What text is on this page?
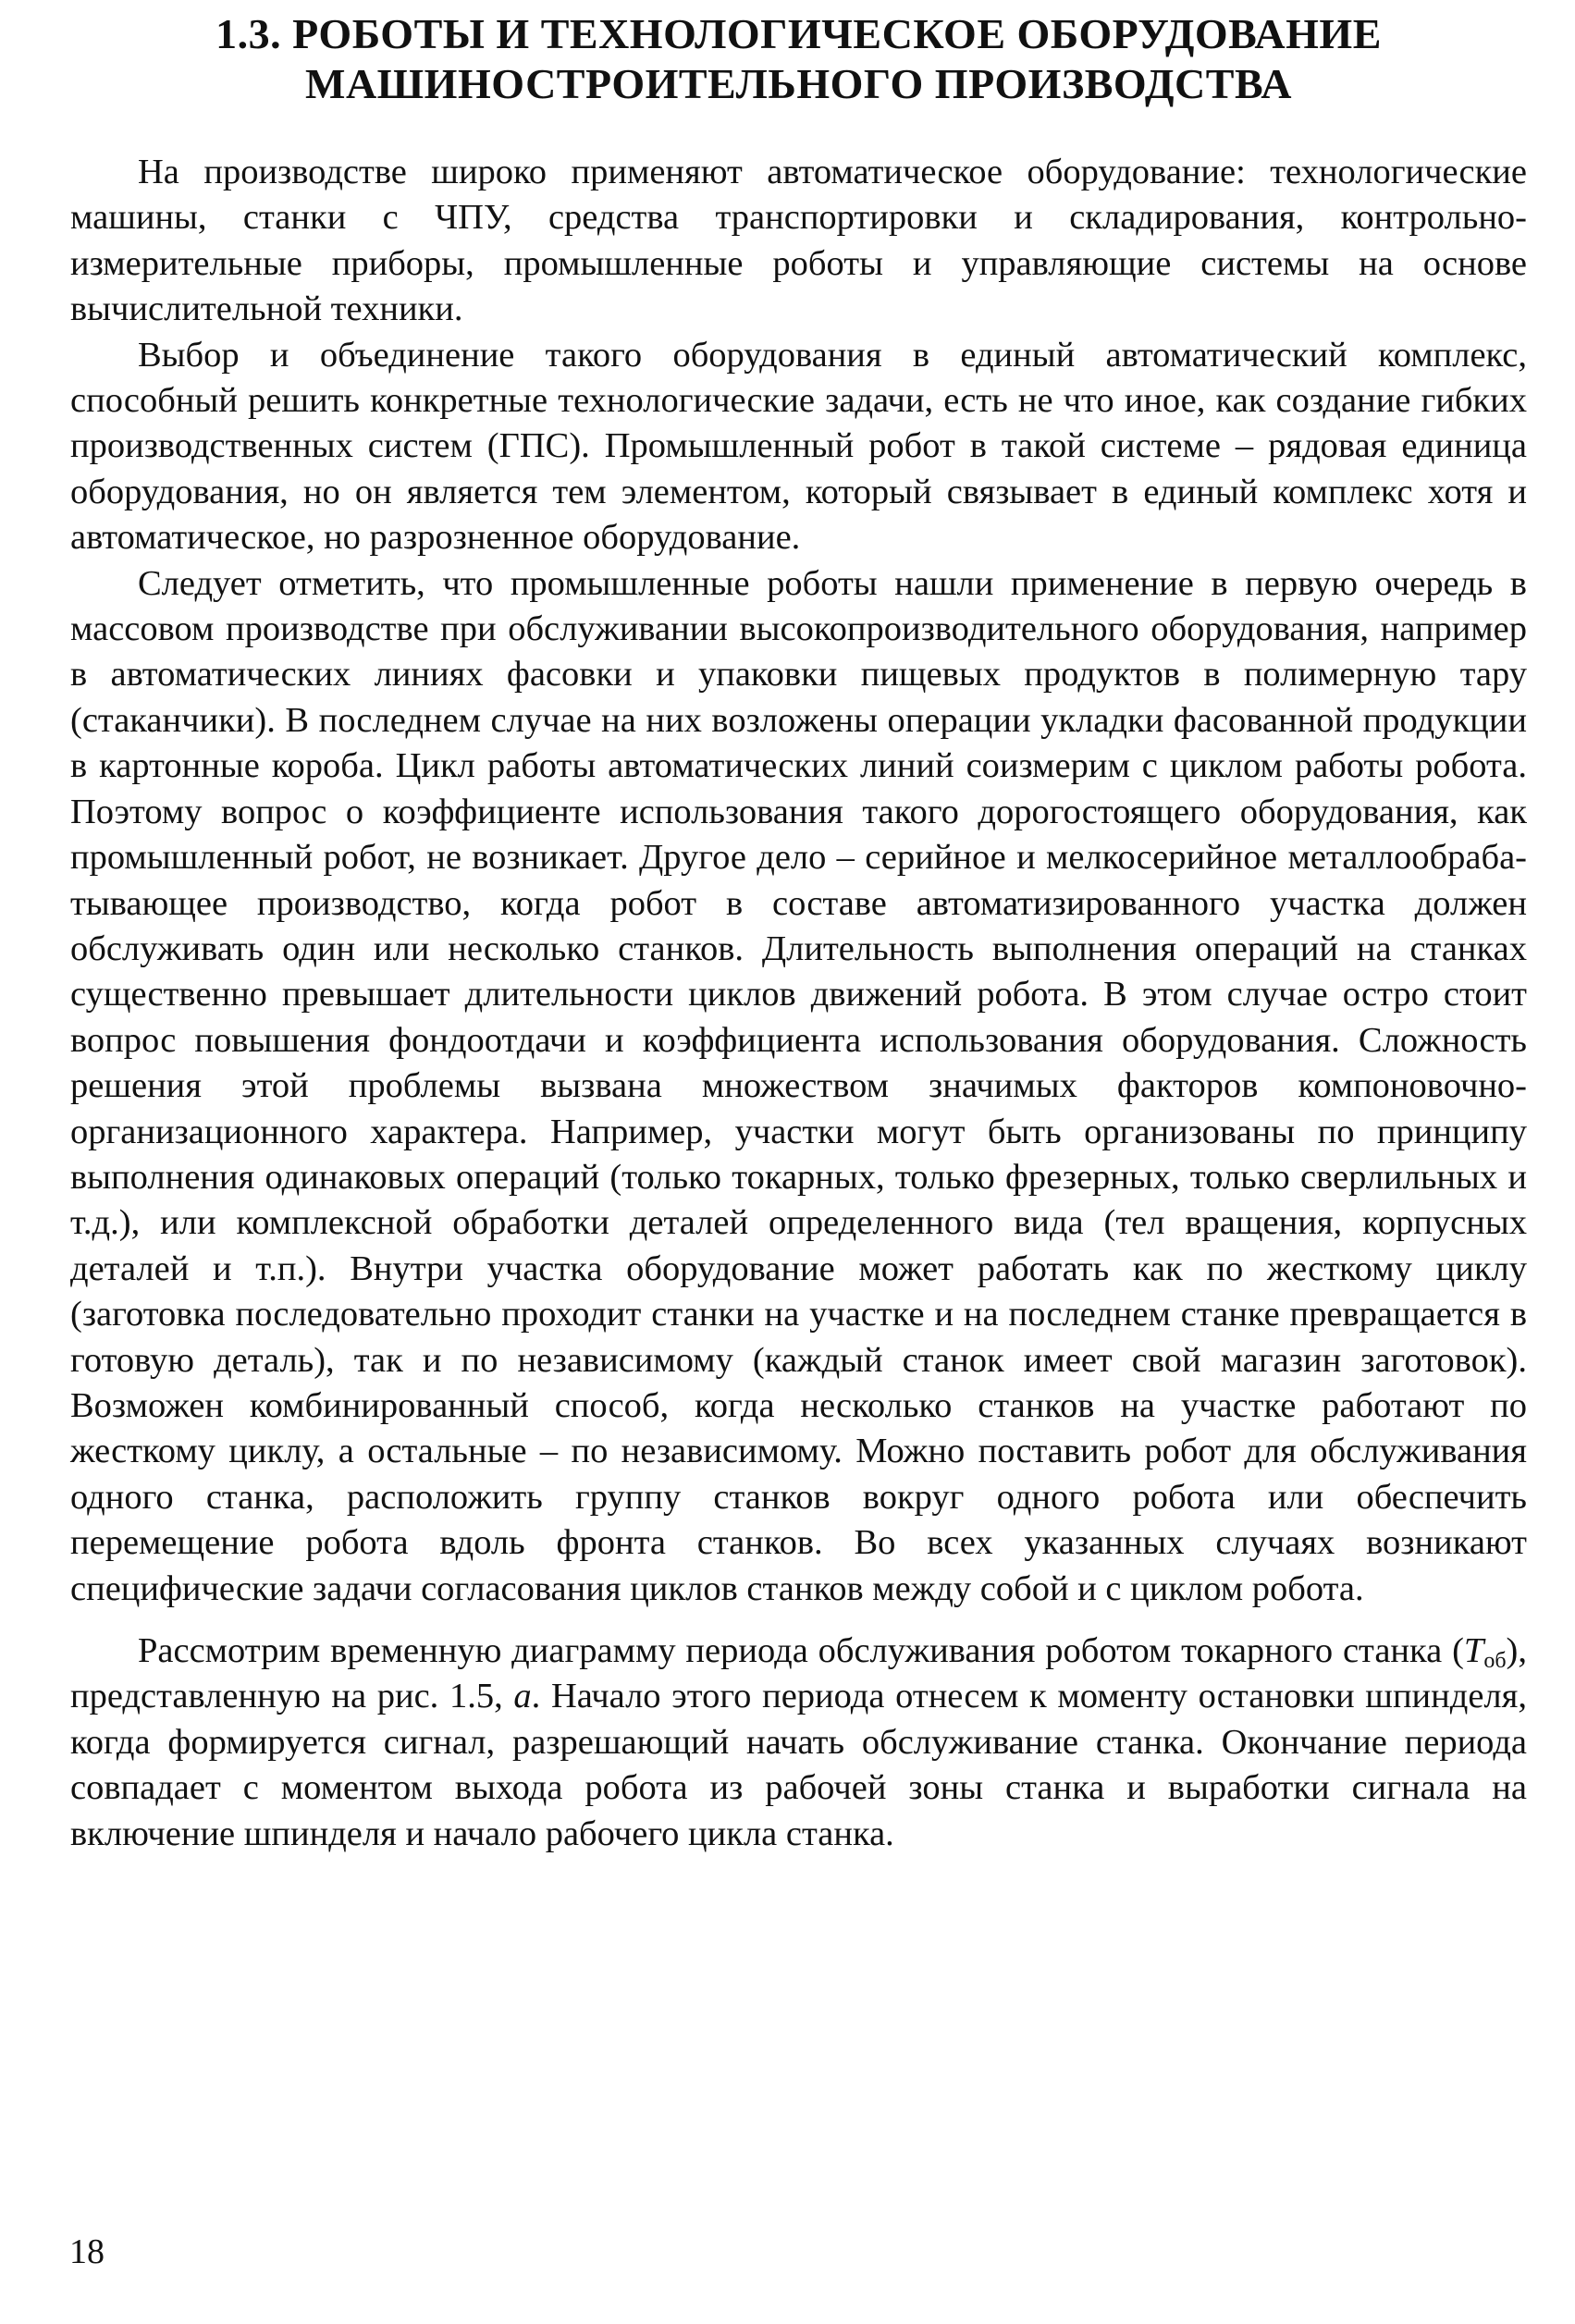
1.3. РОБОТЫ И ТЕХНОЛОГИЧЕСКОЕ ОБОРУДОВАНИЕ
МАШИНОСТРОИТЕЛЬНОГО ПРОИЗВОДСТВА

На производстве широко применяют автоматическое оборудование: технологические машины, станки с ЧПУ, средства транспортировки и складирования, контрольно-измерительные приборы, промышленные роботы и управляющие системы на основе вычислительной техники.

Выбор и объединение такого оборудования в единый автоматический комплекс, способный решить конкретные технологические задачи, есть не что иное, как создание гибких производственных систем (ГПС). Промышленный робот в такой системе – рядовая единица оборудования, но он является тем элементом, который связывает в единый комплекс хотя и автоматическое, но разрозненное оборудование.

Следует отметить, что промышленные роботы нашли применение в первую очередь в массовом производстве при обслуживании высокопроизводительного оборудования, например в автоматических линиях фасовки и упаковки пищевых продуктов в полимерную тару (стаканчики). В последнем случае на них возложены операции укладки фасованной продукции в картонные короба. Цикл работы автоматических линий соизмерим с циклом работы робота. Поэтому вопрос о коэффициенте использования такого дорогостоящего оборудования, как промышленный робот, не возникает. Другое дело – серийное и мелкосерийное металлообрабатывающее производство, когда робот в составе автоматизированного участка должен обслуживать один или несколько станков. Длительность выполнения операций на станках существенно превышает длительности циклов движений робота. В этом случае остро стоит вопрос повышения фондоотдачи и коэффициента использования оборудования. Сложность решения этой проблемы вызвана множеством значимых факторов компоновочно-организационного характера. Например, участки могут быть организованы по принципу выполнения одинаковых операций (только токарных, только фрезерных, только сверлильных и т.д.), или комплексной обработки деталей определенного вида (тел вращения, корпусных деталей и т.п.). Внутри участка оборудование может работать как по жесткому циклу (заготовка последовательно проходит станки на участке и на последнем станке превращается в готовую деталь), так и по независимому (каждый станок имеет свой магазин заготовок). Возможен комбинированный способ, когда несколько станков на участке работают по жесткому циклу, а остальные – по независимому. Можно поставить робот для обслуживания одного станка, расположить группу станков вокруг одного робота или обеспечить перемещение робота вдоль фронта станков. Во всех указанных случаях возникают специфические задачи согласования циклов станков между собой и с циклом робота.

Рассмотрим временную диаграмму периода обслуживания роботом токарного станка $(T_{об})$, представленную на рис. 1.5, а. Начало этого периода отнесем к моменту остановки шпинделя, когда формируется сигнал, разрешающий начать обслуживание станка. Окончание периода совпадает с моментом выхода робота из рабочей зоны станка и выработки сигнала на включение шпинделя и начало рабочего цикла станка.

18
